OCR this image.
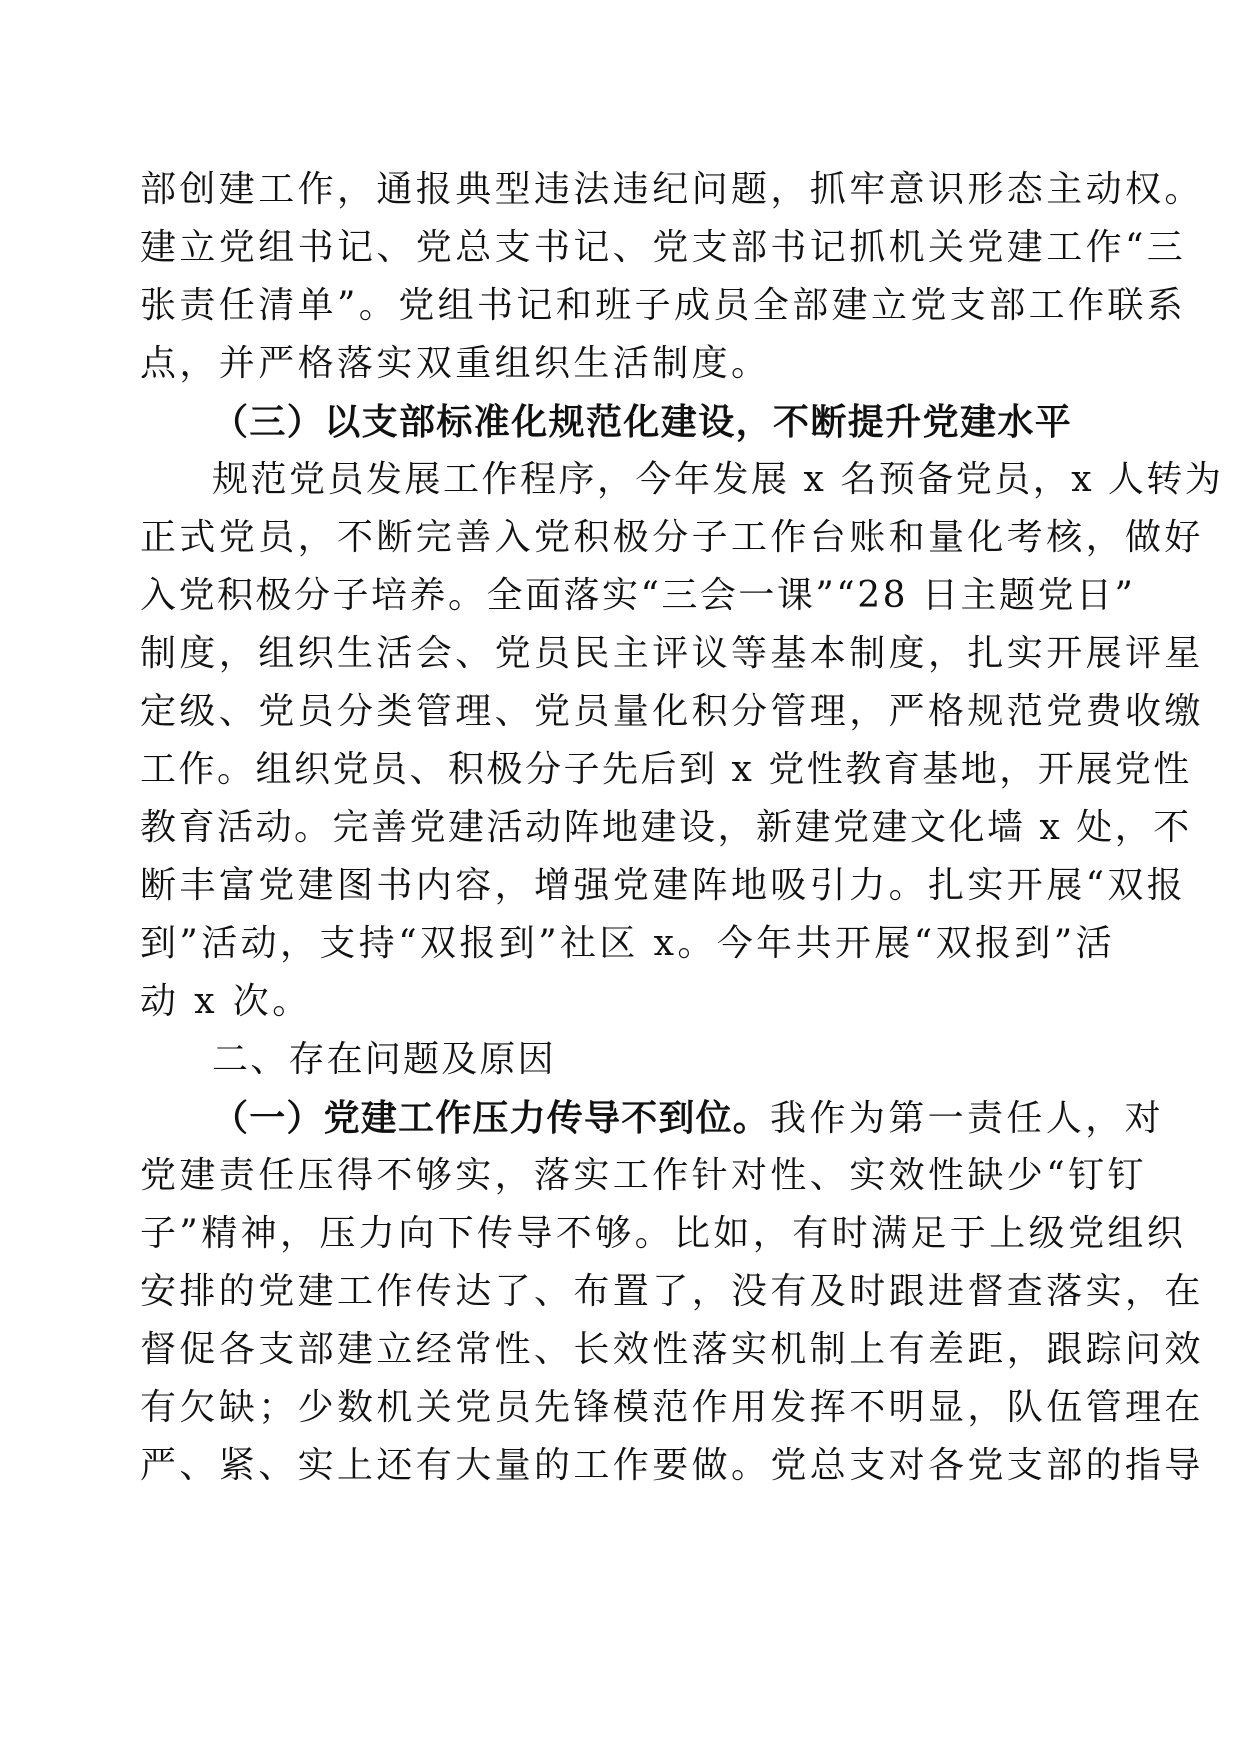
部创建工作，通报典型违法违纪问题，抓牢意识形态主动权。
建立党组书记、党总支书记、党支部书记抓机关党建工作“三
张责任清单”。党组书记和班子成员全部建立党支部工作联系
点，并严格落实双重组织生活制度。
（三）以支部标准化规范化建设，不断提升党建水平
规范党员发展工作程序，今年发展 x 名预备党员，x 人转为
正式党员，不断完善入党积极分子工作台账和量化考核，做好
入党积极分子培养。全面落实“三会一课”“28 日主题党日”
制度，组织生活会、党员民主评议等基本制度，扎实开展评星
定级、党员分类管理、党员量化积分管理，严格规范党费收缴
工作。组织党员、积极分子先后到 x 党性教育基地，开展党性
教育活动。完善党建活动阵地建设，新建党建文化墙 x 处，不
断丰富党建图书内容，增强党建阵地吸引力。扎实开展“双报
到”活动，支持“双报到”社区 x。今年共开展“双报到”活
动 x 次。
二、存在问题及原因
（一）党建工作压力传导不到位。我作为第一责任人，对
党建责任压得不够实，落实工作针对性、实效性缺少“钉钉
子”精神，压力向下传导不够。比如，有时满足于上级党组织
安排的党建工作传达了、布置了，没有及时跟进督查落实，在
督促各支部建立经常性、长效性落实机制上有差距，跟踪问效
有欠缺；少数机关党员先锋模范作用发挥不明显，队伍管理在
严、紧、实上还有大量的工作要做。党总支对各党支部的指导
